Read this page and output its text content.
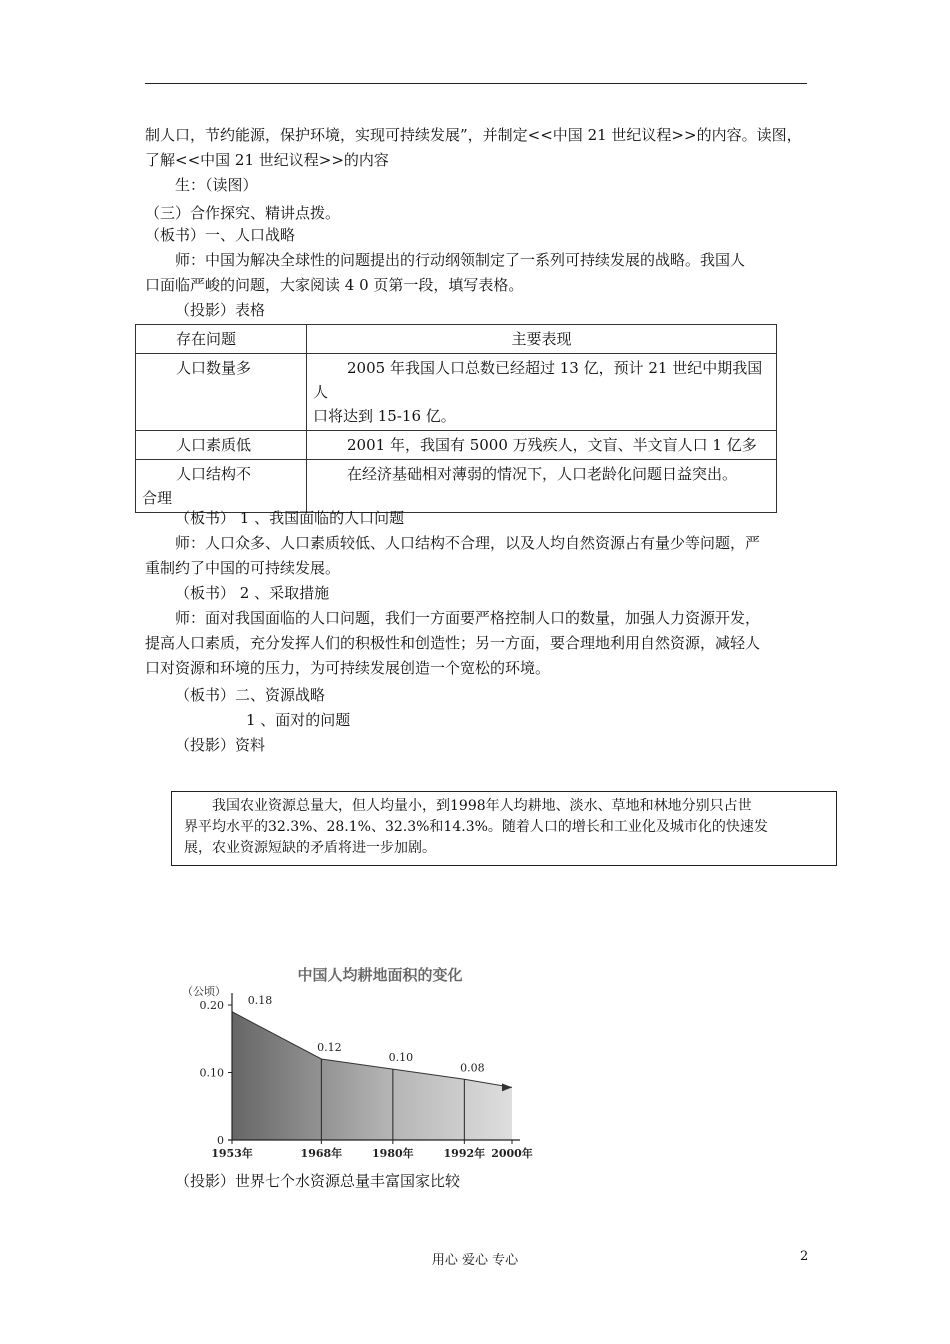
制人口，节约能源，保护环境，实现可持续发展”，并制定<<中国 21 世纪议程>>的内容。读图，
了解<<中国 21 世纪议程>>的内容
生：（读图）
（三）合作探究、精讲点拨。
（板书）一、人口战略
师：中国为解决全球性的问题提出的行动纲领制定了一系列可持续发展的战略。我国人
口面临严峻的问题，大家阅读 4 0 页第一段，填写表格。
（投影）表格
存在问题	主要表现
人口数量多	2005 年我国人口总数已经超过 13 亿，预计 21 世纪中期我国人
口将达到 15-16 亿。
人口素质低	2001 年，我国有 5000 万残疾人，文盲、半文盲人口 1 亿多
人口结构不
合理	在经济基础相对薄弱的情况下，人口老龄化问题日益突出。
（板书） 1 、我国面临的人口问题
师：人口众多、人口素质较低、人口结构不合理，以及人均自然资源占有量少等问题，严
重制约了中国的可持续发展。
（板书） 2 、采取措施
师：面对我国面临的人口问题，我们一方面要严格控制人口的数量，加强人力资源开发，
提高人口素质，充分发挥人们的积极性和创造性；另一方面，要合理地利用自然资源，减轻人
口对资源和环境的压力，为可持续发展创造一个宽松的环境。
（板书）二、资源战略
1 、面对的问题
（投影）资料
　　我国农业资源总量大，但人均量小，到1998年人均耕地、淡水、草地和林地分别只占世
界平均水平的32.3%、28.1%、32.3%和14.3%。随着人口的增长和工业化及城市化的快速发
展，农业资源短缺的矛盾将进一步加剧。
中国人均耕地面积的变化
（公顷）
0
0.10
0.20
1953年	1968年	1980年	1992年 2000年
0.18
0.12
0.10
0.08
（投影）世界七个水资源总量丰富国家比较
用心 爱心 专心	2
